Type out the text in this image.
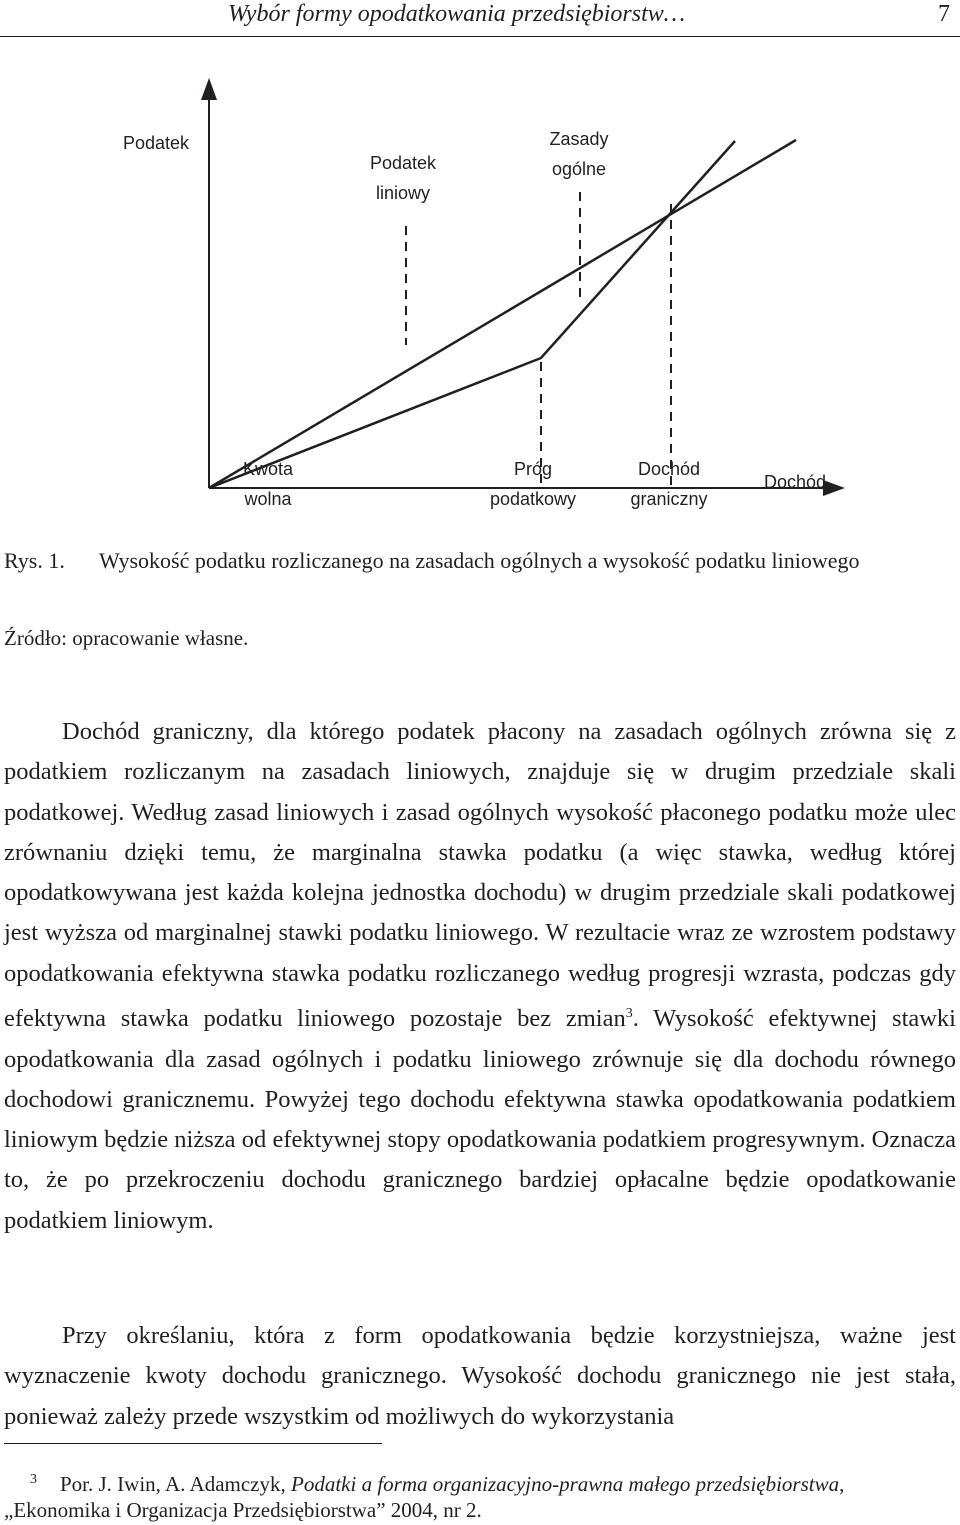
Wybór formy opodatkowania przedsiębiorstw…	7
Podatek
Podatek
liniowy
Zasady
ogólne
Kwota
wolna
Próg
podatkowy
Dochód
graniczny
Dochód
Rys. 1. Wysokość podatku rozliczanego na zasadach ogólnych a wysokość podatku liniowego
Źródło: opracowanie własne.

Dochód graniczny, dla którego podatek płacony na zasadach ogólnych zrówna się z podatkiem rozliczanym na zasadach liniowych, znajduje się w drugim przedziale skali podatkowej. Według zasad liniowych i zasad ogólnych wysokość płaconego podatku może ulec zrównaniu dzięki temu, że marginalna stawka podatku (a więc stawka, według której opodatkowywana jest każda kolejna jednostka dochodu) w drugim przedziale skali podatkowej jest wyższa od marginalnej stawki podatku liniowego. W rezultacie wraz ze wzrostem podstawy opodatkowania efektywna stawka podatku rozliczanego według progresji wzrasta, podczas gdy efektywna stawka podatku liniowego pozostaje bez zmian$^3$. Wysokość efektywnej stawki opodatkowania dla zasad ogólnych i podatku liniowego zrównuje się dla dochodu równego dochodowi granicznemu. Powyżej tego dochodu efektywna stawka opodatkowania podatkiem liniowym będzie niższa od efektywnej stopy opodatkowania podatkiem progresywnym. Oznacza to, że po przekroczeniu dochodu granicznego bardziej opłacalne będzie opodatkowanie podatkiem liniowym.

Przy określaniu, która z form opodatkowania będzie korzystniejsza, ważne jest wyznaczenie kwoty dochodu granicznego. Wysokość dochodu granicznego nie jest stała, ponieważ zależy przede wszystkim od możliwych do wykorzystania

3 Por. J. Iwin, A. Adamczyk, Podatki a forma organizacyjno-prawna małego przedsiębiorstwa,
„Ekonomika i Organizacja Przedsiębiorstwa” 2004, nr 2.
